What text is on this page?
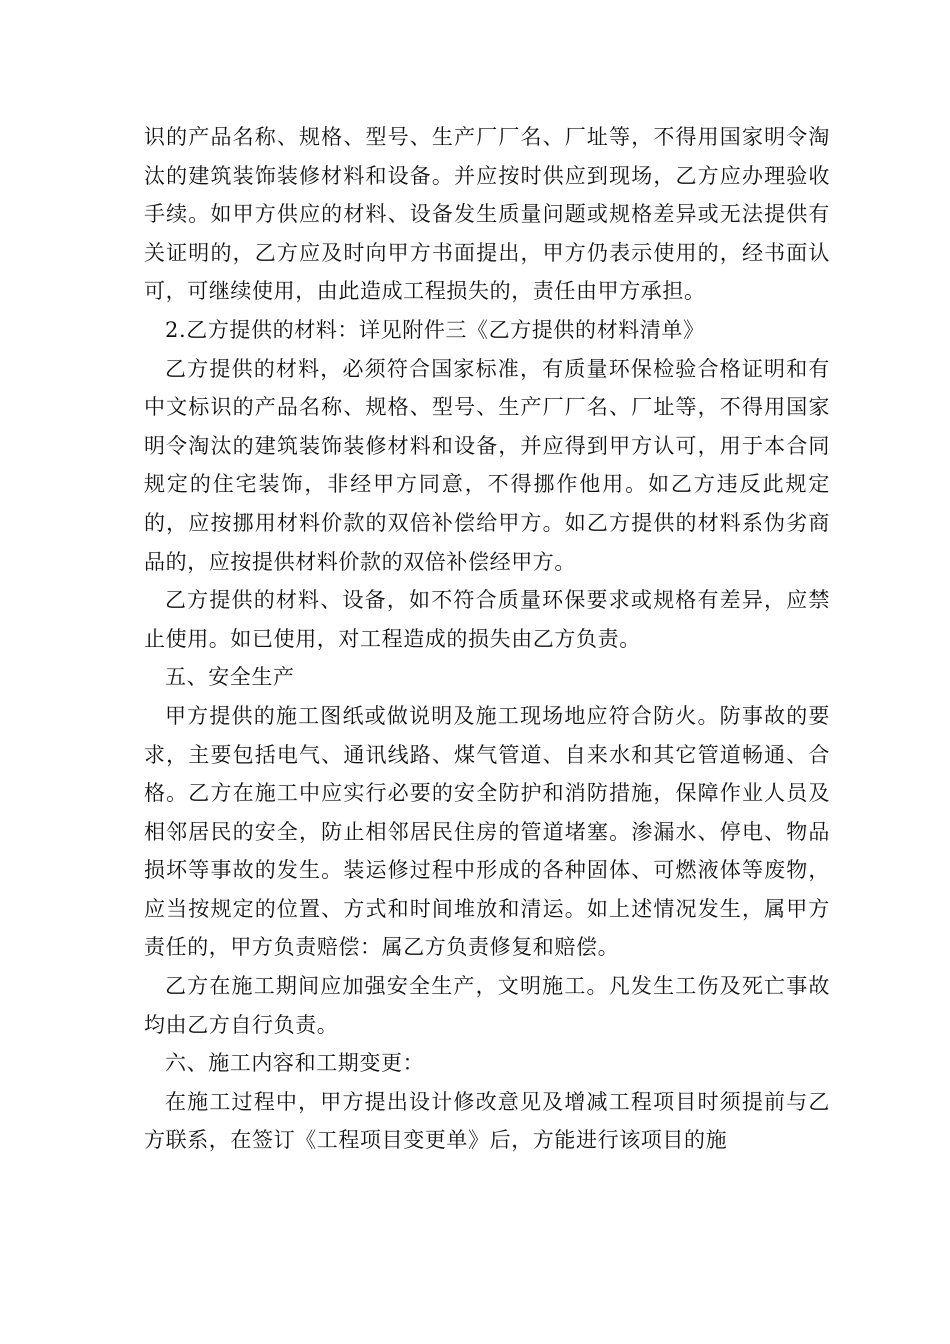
识的产品名称、规格、型号、生产厂厂名、厂址等，不得用国家明令淘汰的建筑装饰装修材料和设备。并应按时供应到现场，乙方应办理验收手续。如甲方供应的材料、设备发生质量问题或规格差异或无法提供有关证明的，乙方应及时向甲方书面提出，甲方仍表示使用的，经书面认可，可继续使用，由此造成工程损失的，责任由甲方承担。

2.乙方提供的材料：详见附件三《乙方提供的材料清单》

乙方提供的材料，必须符合国家标准，有质量环保检验合格证明和有中文标识的产品名称、规格、型号、生产厂厂名、厂址等，不得用国家明令淘汰的建筑装饰装修材料和设备，并应得到甲方认可，用于本合同规定的住宅装饰，非经甲方同意，不得挪作他用。如乙方违反此规定的，应按挪用材料价款的双倍补偿给甲方。如乙方提供的材料系伪劣商品的，应按提供材料价款的双倍补偿经甲方。

乙方提供的材料、设备，如不符合质量环保要求或规格有差异，应禁止使用。如已使用，对工程造成的损失由乙方负责。

五、安全生产

甲方提供的施工图纸或做说明及施工现场地应符合防火。防事故的要求，主要包括电气、通讯线路、煤气管道、自来水和其它管道畅通、合格。乙方在施工中应实行必要的安全防护和消防措施，保障作业人员及相邻居民的安全，防止相邻居民住房的管道堵塞。渗漏水、停电、物品损坏等事故的发生。装运修过程中形成的各种固体、可燃液体等废物，应当按规定的位置、方式和时间堆放和清运。如上述情况发生，属甲方责任的，甲方负责赔偿：属乙方负责修复和赔偿。

乙方在施工期间应加强安全生产，文明施工。凡发生工伤及死亡事故均由乙方自行负责。

六、施工内容和工期变更：

在施工过程中，甲方提出设计修改意见及增减工程项目时须提前与乙方联系，在签订《工程项目变更单》后，方能进行该项目的施
